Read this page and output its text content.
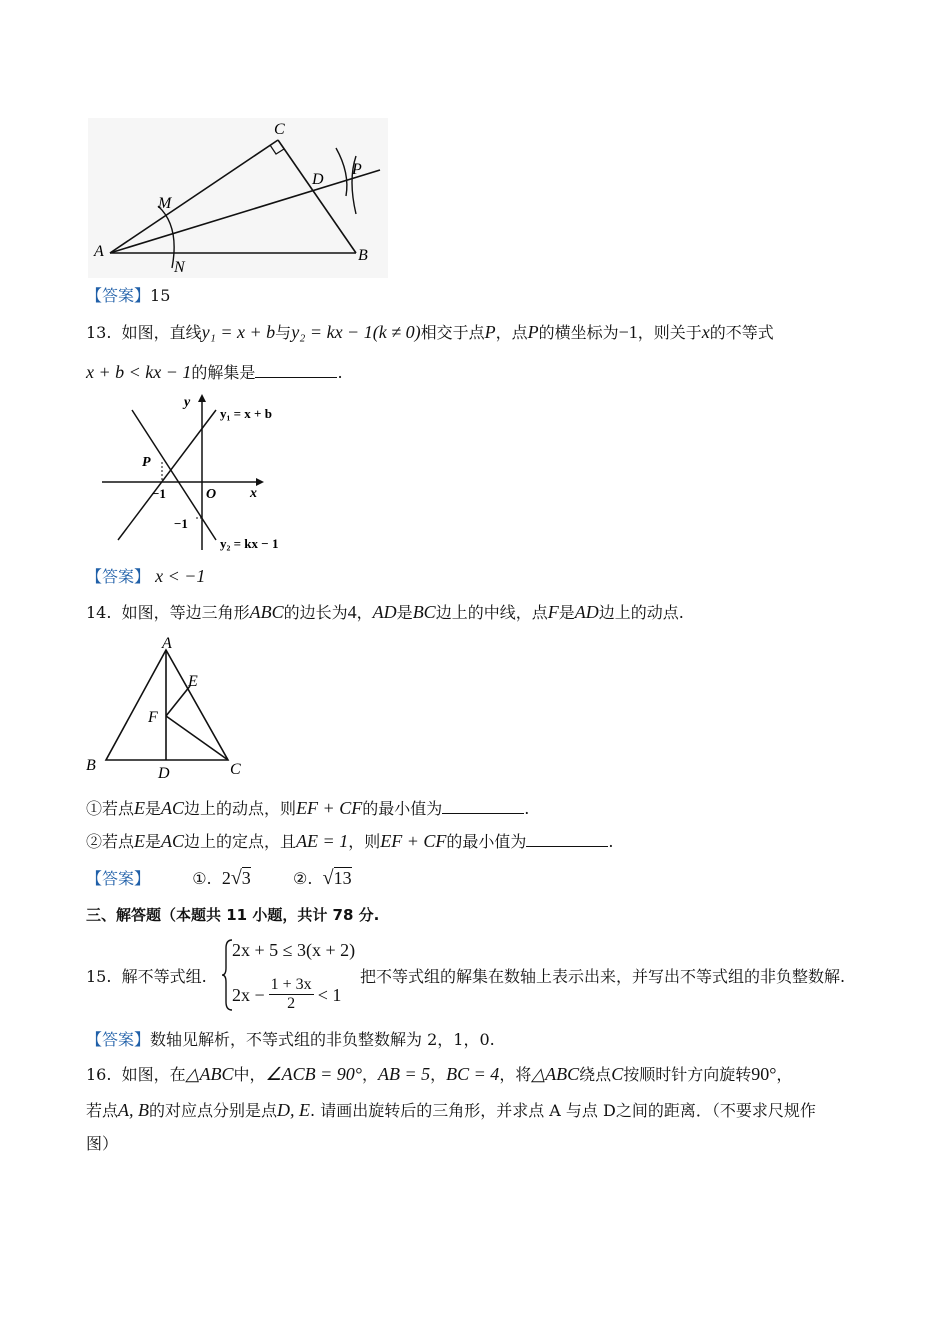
C
M
D
P
A
N
B
【答案】15
13. 如图，直线y₁ = x + b与y₂ = kx − 1(k ≠ 0)相交于点P，点P的横坐标为−1，则关于x的不等式
x + b < kx − 1的解集是	.
y
x
O
P
−1
−1
y₁ = x + b
y₂ = kx − 1
【答案】 x < −1
14. 如图，等边三角形ABC的边长为4，AD是BC边上的中线，点F是AD边上的动点.
A
E
F
B	D	C
①若点E是AC边上的动点，则EF + CF的最小值为	.
②若点E是AC边上的定点，且AE = 1，则EF + CF的最小值为	.
【答案】	①. 2√3	②. √13
三、解答题（本题共 11 小题，共计 78 分.
15. 解不等式组.
2x + 5 ≤ 3(x + 2)
$2x - \frac{1 + 3x}{2} < 1$
把不等式组的解集在数轴上表示出来，并写出不等式组的非负整数解.
【答案】数轴见解析，不等式组的非负整数解为 2，1，0.
16. 如图，在△ABC中，∠ACB = 90°，AB = 5，BC = 4，将△ABC绕点C按顺时针方向旋转90°，
若点A, B的对应点分别是点D, E. 请画出旋转后的三角形，并求点 A 与点 D之间的距离．（不要求尺规作
图）
